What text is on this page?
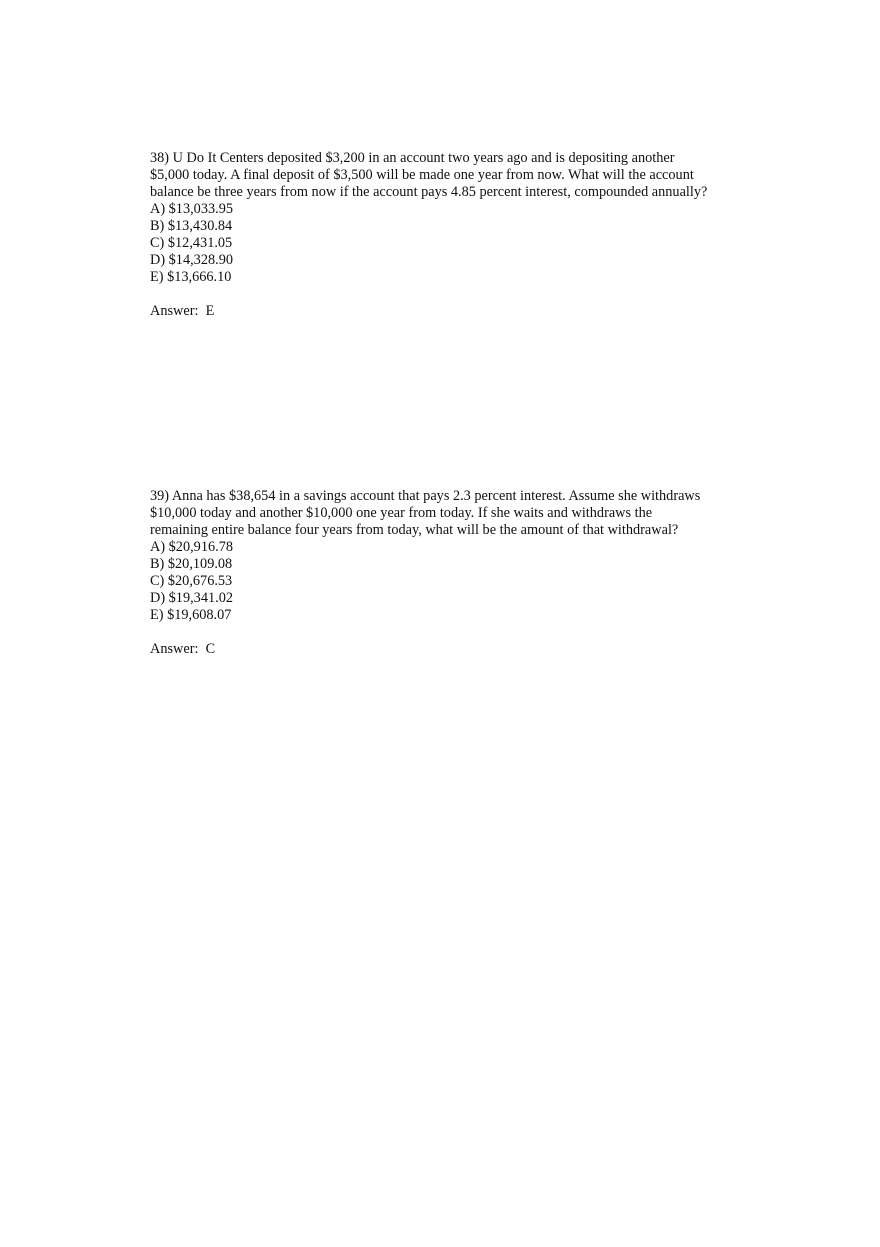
38) U Do It Centers deposited $3,200 in an account two years ago and is depositing another
$5,000 today. A final deposit of $3,500 will be made one year from now. What will the account
balance be three years from now if the account pays 4.85 percent interest, compounded annually?
A) $13,033.95
B) $13,430.84
C) $12,431.05
D) $14,328.90
E) $13,666.10
Answer:  E
39) Anna has $38,654 in a savings account that pays 2.3 percent interest. Assume she withdraws
$10,000 today and another $10,000 one year from today. If she waits and withdraws the
remaining entire balance four years from today, what will be the amount of that withdrawal?
A) $20,916.78
B) $20,109.08
C) $20,676.53
D) $19,341.02
E) $19,608.07
Answer:  C
